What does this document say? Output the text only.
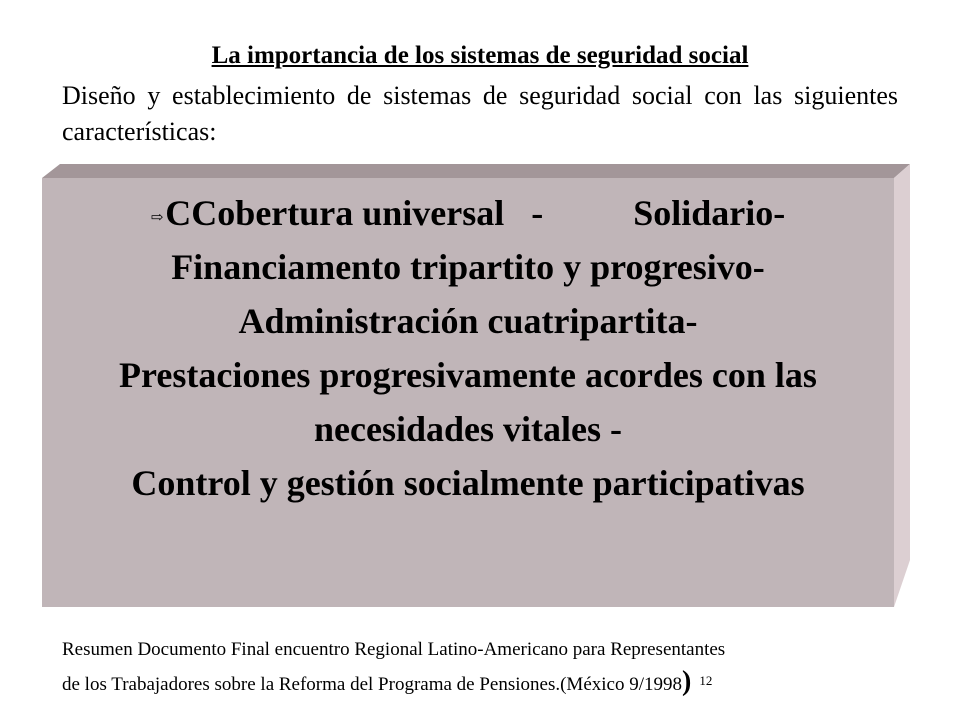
La importancia de los sistemas de seguridad social
Diseño y establecimiento de sistemas de seguridad social con las siguientes características:
⇨CCobertura universal   -          Solidario-
Financiamento tripartito y progresivo-
Administración cuatripartita-
Prestaciones progresivamente acordes con las
necesidades vitales -
Control y gestión socialmente participativas
Resumen Documento Final encuentro Regional Latino-Americano para Representantes
de los Trabajadores sobre la Reforma del Programa de Pensiones.(México 9/1998) $^{12}$
